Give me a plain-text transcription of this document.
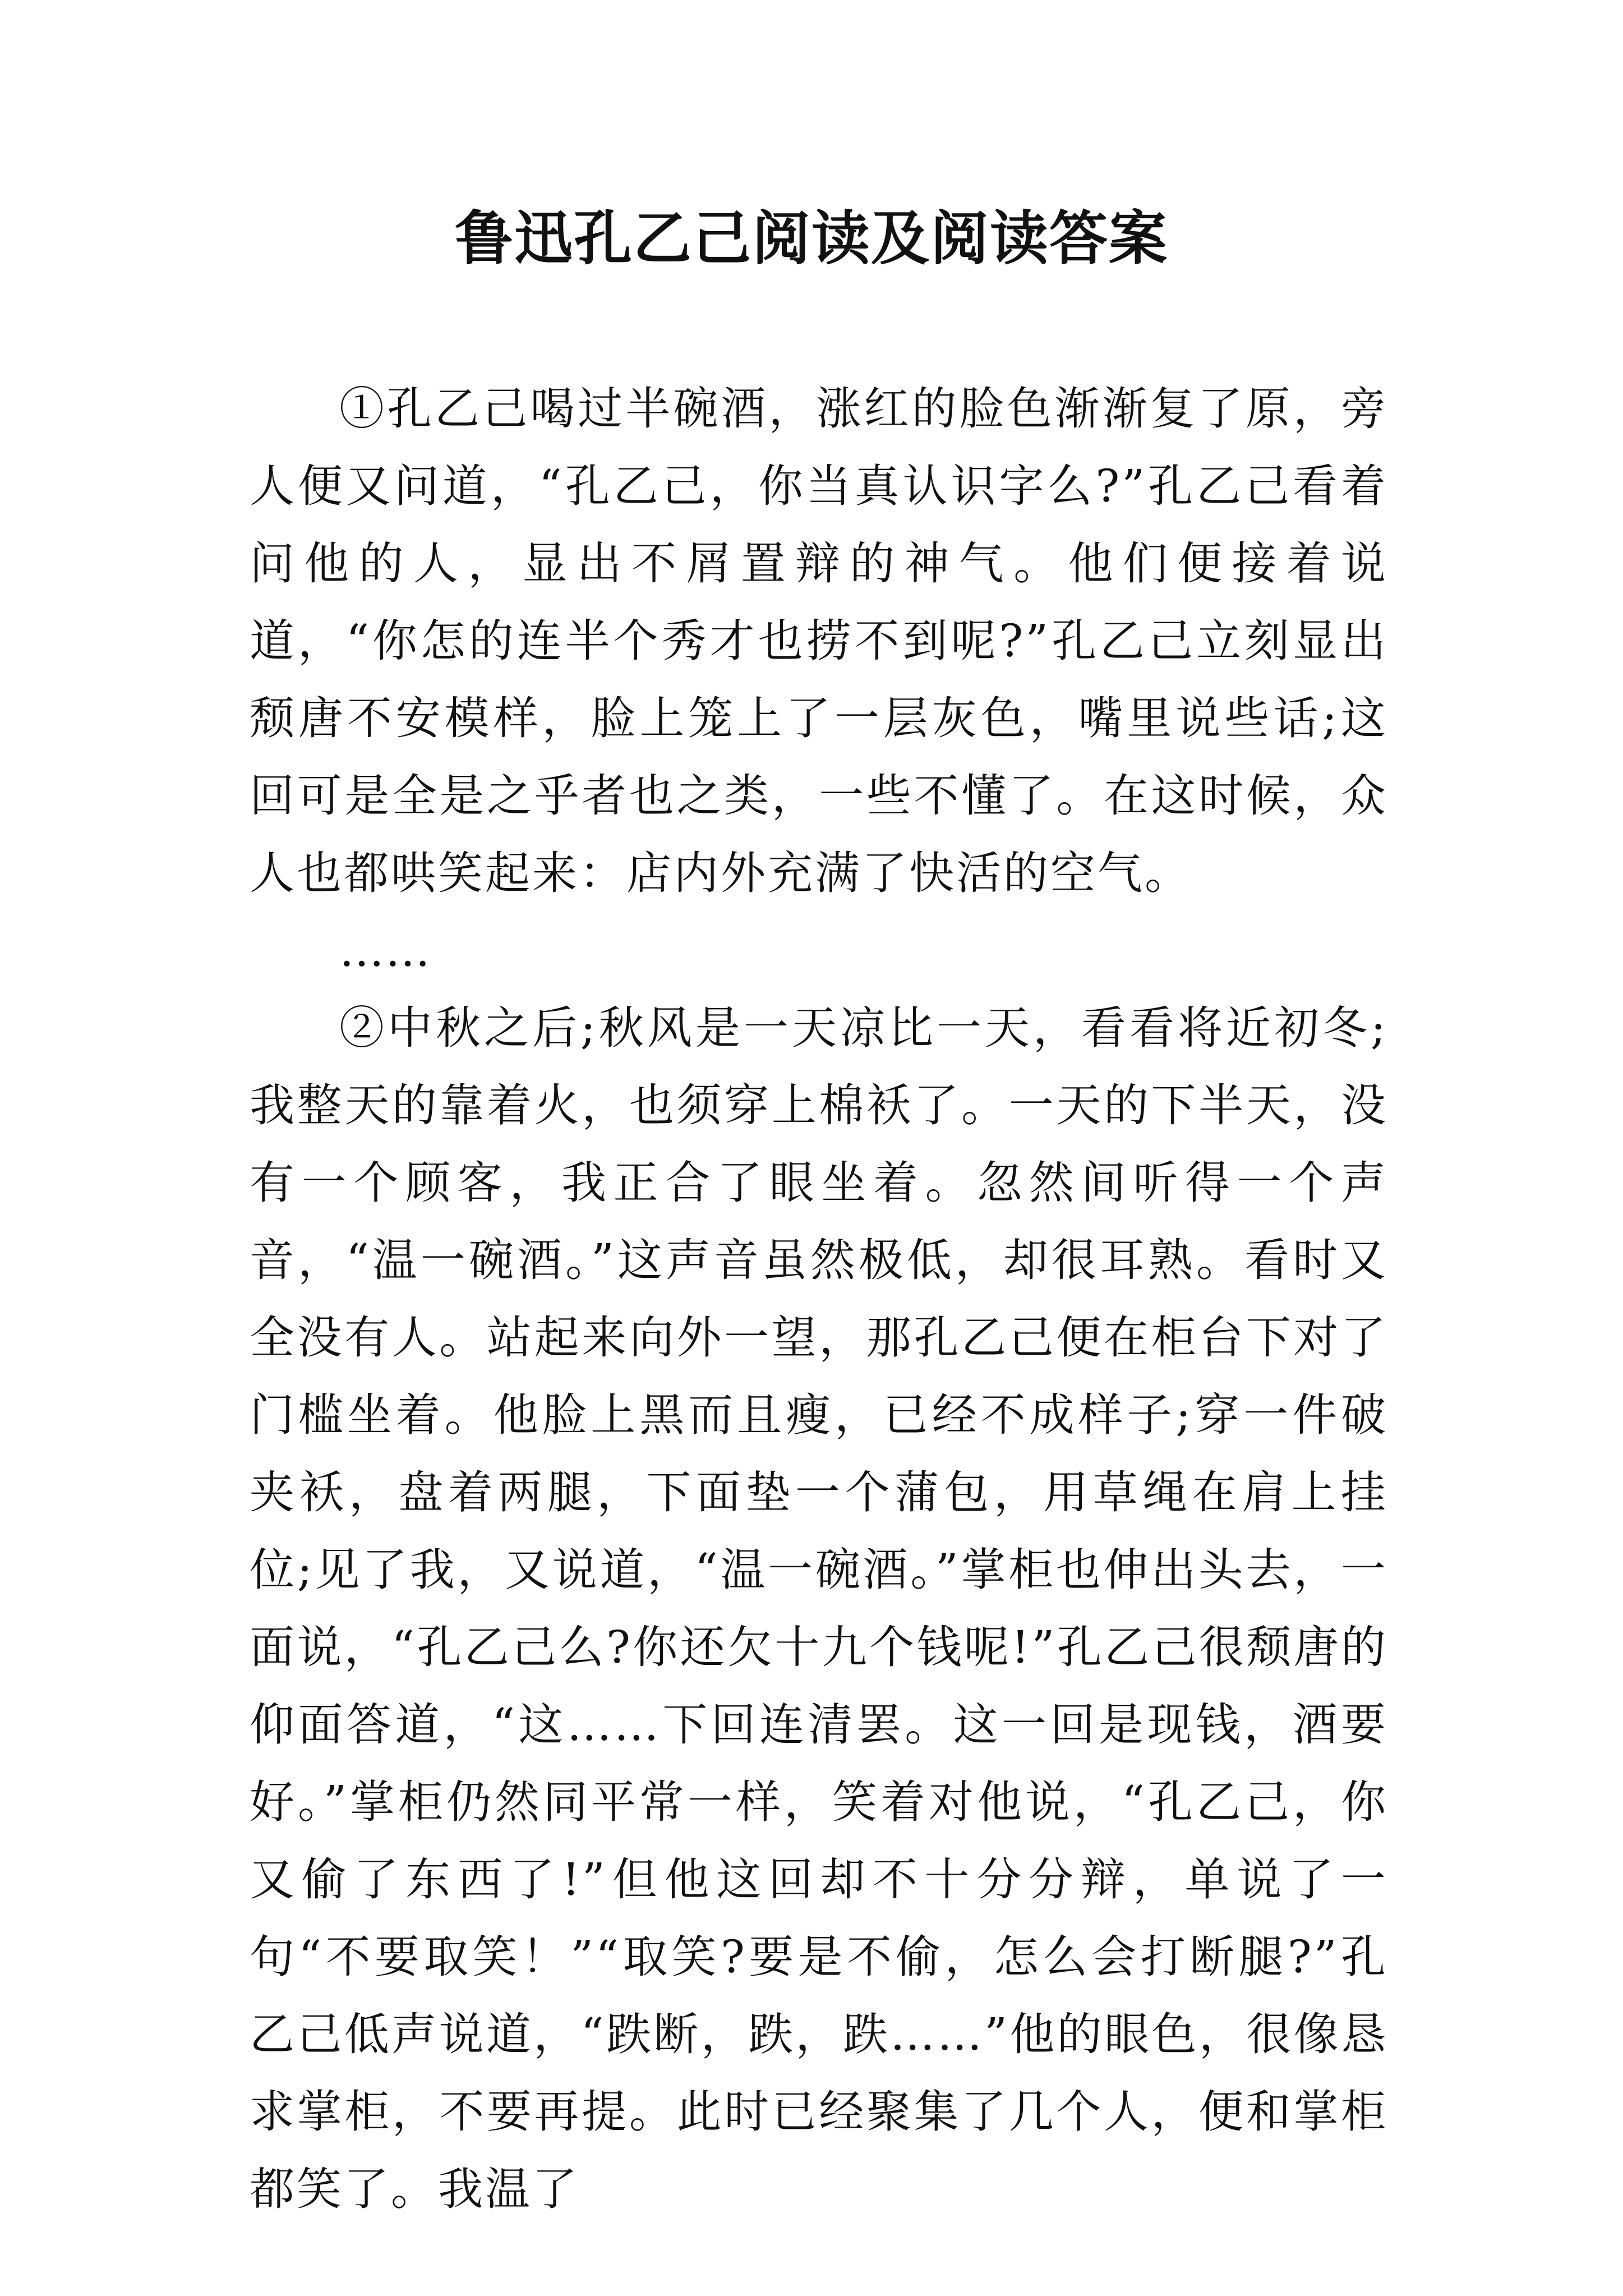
鲁迅孔乙己阅读及阅读答案

①孔乙己喝过半碗酒，涨红的脸色渐渐复了原，旁人便又问道，“孔乙己，你当真认识字么?”孔乙己看着问他的人，显出不屑置辩的神气。他们便接着说道，“你怎的连半个秀才也捞不到呢?”孔乙己立刻显出颓唐不安模样，脸上笼上了一层灰色，嘴里说些话;这回可是全是之乎者也之类，一些不懂了。在这时候，众人也都哄笑起来：店内外充满了快活的空气。

……

②中秋之后;秋风是一天凉比一天，看看将近初冬;我整天的靠着火，也须穿上棉袄了。一天的下半天，没有一个顾客，我正合了眼坐着。忽然间听得一个声音，“温一碗酒。”这声音虽然极低，却很耳熟。看时又全没有人。站起来向外一望，那孔乙己便在柜台下对了门槛坐着。他脸上黑而且瘦，已经不成样子;穿一件破夹袄，盘着两腿，下面垫一个蒲包，用草绳在肩上挂位;见了我，又说道，“温一碗酒。”掌柜也伸出头去，一面说，“孔乙己么?你还欠十九个钱呢!”孔乙己很颓唐的仰面答道，“这……下回连清罢。这一回是现钱，酒要好。”掌柜仍然同平常一样，笑着对他说，“孔乙己，你又偷了东西了!”但他这回却不十分分辩，单说了一句“不要取笑！”“取笑?要是不偷，怎么会打断腿?”孔乙己低声说道，“跌断，跌，跌……”他的眼色，很像恳求掌柜，不要再提。此时已经聚集了几个人，便和掌柜都笑了。我温了
